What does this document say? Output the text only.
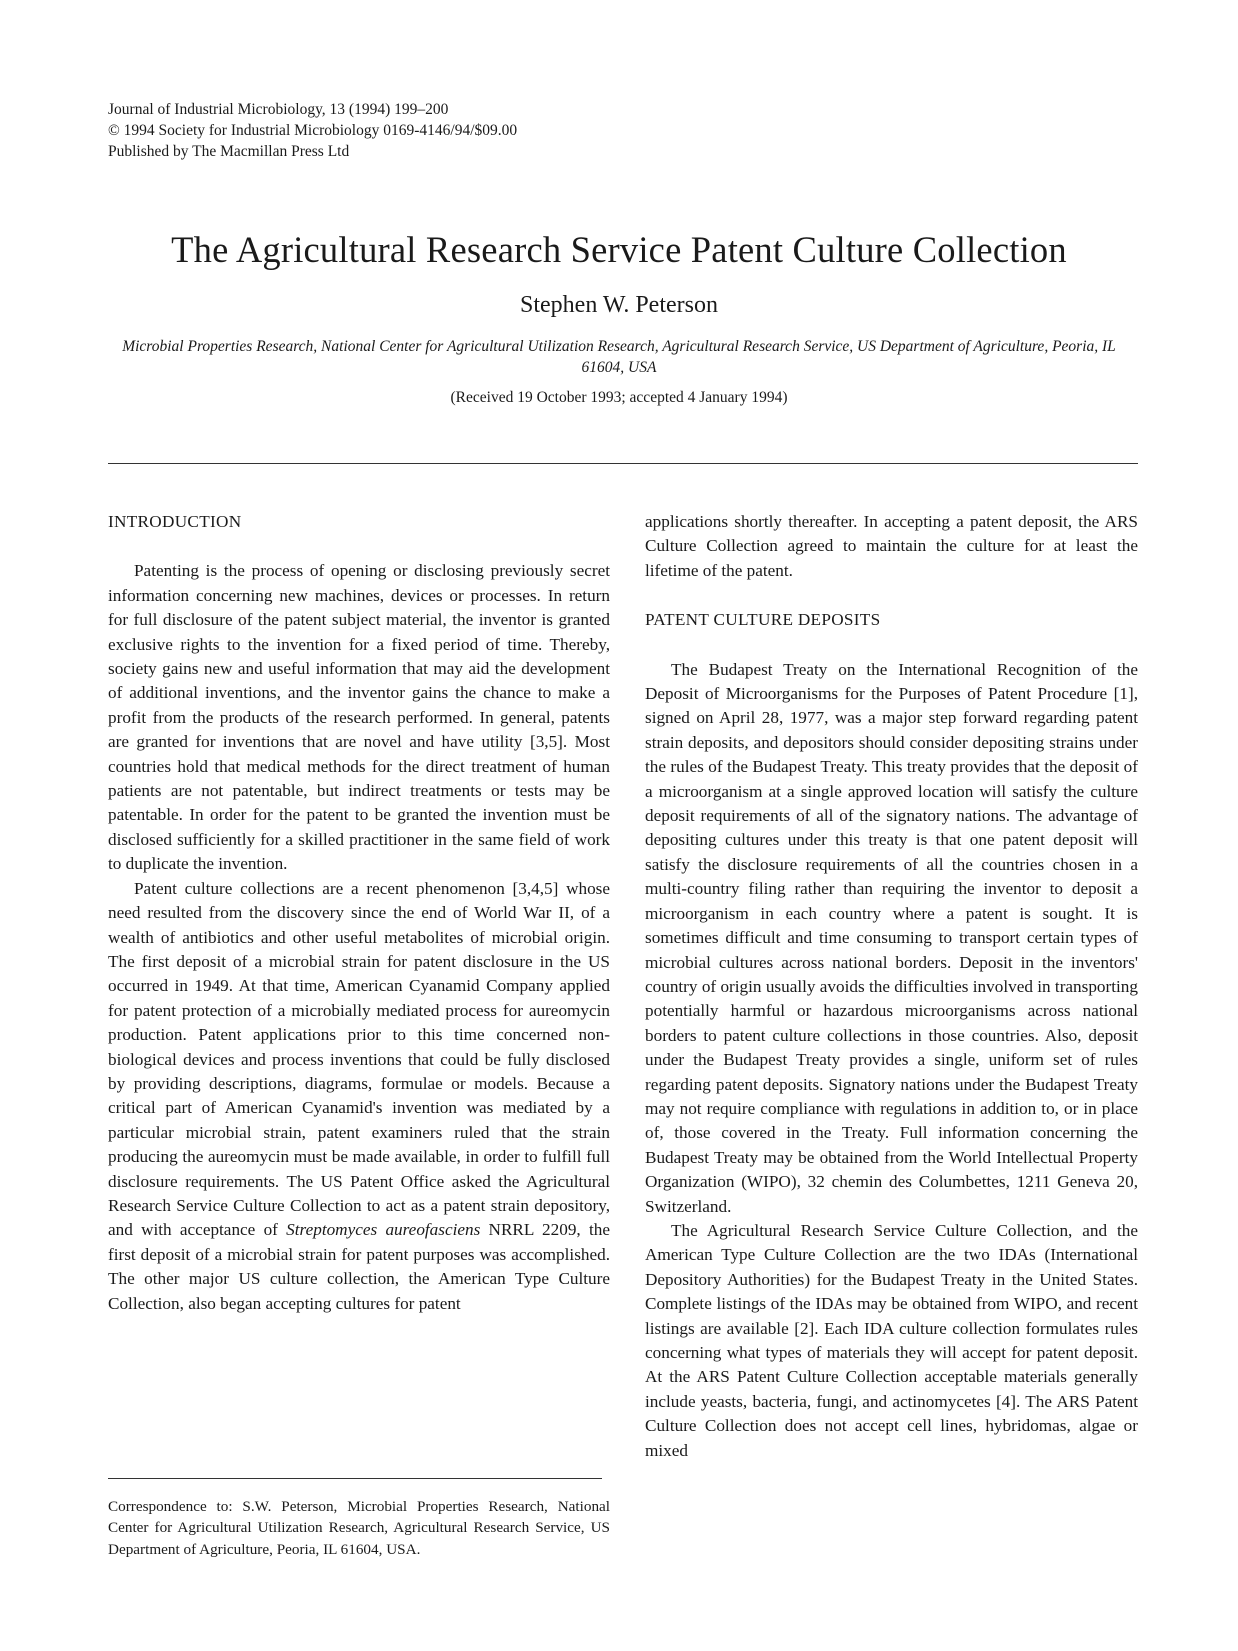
Journal of Industrial Microbiology, 13 (1994) 199–200
© 1994 Society for Industrial Microbiology 0169-4146/94/$09.00
Published by The Macmillan Press Ltd
The Agricultural Research Service Patent Culture Collection
Stephen W. Peterson
Microbial Properties Research, National Center for Agricultural Utilization Research, Agricultural Research Service, US Department of Agriculture, Peoria, IL 61604, USA
(Received 19 October 1993; accepted 4 January 1994)
INTRODUCTION

Patenting is the process of opening or disclosing previously secret information concerning new machines, devices or processes. In return for full disclosure of the patent subject material, the inventor is granted exclusive rights to the invention for a fixed period of time. Thereby, society gains new and useful information that may aid the development of additional inventions, and the inventor gains the chance to make a profit from the products of the research performed. In general, patents are granted for inventions that are novel and have utility [3,5]. Most countries hold that medical methods for the direct treatment of human patients are not patentable, but indirect treatments or tests may be patentable. In order for the patent to be granted the invention must be disclosed sufficiently for a skilled practitioner in the same field of work to duplicate the invention.

Patent culture collections are a recent phenomenon [3,4,5] whose need resulted from the discovery since the end of World War II, of a wealth of antibiotics and other useful metabolites of microbial origin. The first deposit of a microbial strain for patent disclosure in the US occurred in 1949. At that time, American Cyanamid Company applied for patent protection of a microbially mediated process for aureomycin production. Patent applications prior to this time concerned non-biological devices and process inventions that could be fully disclosed by providing descriptions, diagrams, formulae or models. Because a critical part of American Cyanamid's invention was mediated by a particular microbial strain, patent examiners ruled that the strain producing the aureomycin must be made available, in order to fulfill full disclosure requirements. The US Patent Office asked the Agricultural Research Service Culture Collection to act as a patent strain depository, and with acceptance of Streptomyces aureofasciens NRRL 2209, the first deposit of a microbial strain for patent purposes was accomplished. The other major US culture collection, the American Type Culture Collection, also began accepting cultures for patent

applications shortly thereafter. In accepting a patent deposit, the ARS Culture Collection agreed to maintain the culture for at least the lifetime of the patent.

PATENT CULTURE DEPOSITS

The Budapest Treaty on the International Recognition of the Deposit of Microorganisms for the Purposes of Patent Procedure [1], signed on April 28, 1977, was a major step forward regarding patent strain deposits, and depositors should consider depositing strains under the rules of the Budapest Treaty. This treaty provides that the deposit of a microorganism at a single approved location will satisfy the culture deposit requirements of all of the signatory nations. The advantage of depositing cultures under this treaty is that one patent deposit will satisfy the disclosure requirements of all the countries chosen in a multi-country filing rather than requiring the inventor to deposit a microorganism in each country where a patent is sought. It is sometimes difficult and time consuming to transport certain types of microbial cultures across national borders. Deposit in the inventors' country of origin usually avoids the difficulties involved in transporting potentially harmful or hazardous microorganisms across national borders to patent culture collections in those countries. Also, deposit under the Budapest Treaty provides a single, uniform set of rules regarding patent deposits. Signatory nations under the Budapest Treaty may not require compliance with regulations in addition to, or in place of, those covered in the Treaty. Full information concerning the Budapest Treaty may be obtained from the World Intellectual Property Organization (WIPO), 32 chemin des Columbettes, 1211 Geneva 20, Switzerland.

The Agricultural Research Service Culture Collection, and the American Type Culture Collection are the two IDAs (International Depository Authorities) for the Budapest Treaty in the United States. Complete listings of the IDAs may be obtained from WIPO, and recent listings are available [2]. Each IDA culture collection formulates rules concerning what types of materials they will accept for patent deposit. At the ARS Patent Culture Collection acceptable materials generally include yeasts, bacteria, fungi, and actinomycetes [4]. The ARS Patent Culture Collection does not accept cell lines, hybridomas, algae or mixed

Correspondence to: S.W. Peterson, Microbial Properties Research, National Center for Agricultural Utilization Research, Agricultural Research Service, US Department of Agriculture, Peoria, IL 61604, USA.
